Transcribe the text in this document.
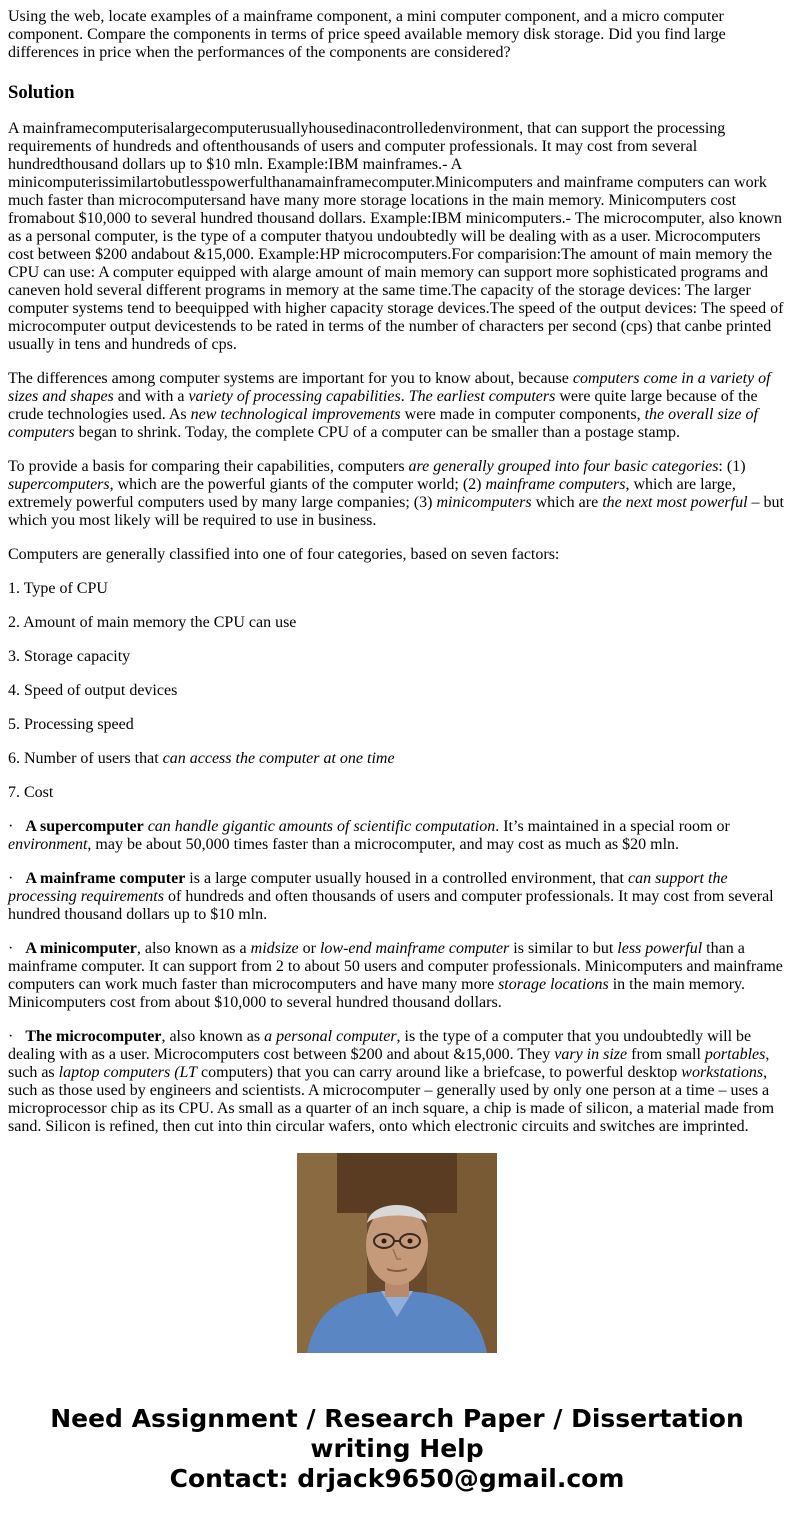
Using the web, locate examples of a mainframe component, a mini computer component, and a micro computer component. Compare the components in terms of price speed available memory disk storage. Did you find large differences in price when the performances of the components are considered?

Solution

A mainframecomputerisalargecomputerusuallyhousedinacontrolledenvironment, that can support the processing requirements of hundreds and oftenthousands of users and computer professionals. It may cost from several hundredthousand dollars up to $10 mln. Example:IBM mainframes.- A minicomputerissimilartobutlesspowerfulthanamainframecomputer.Minicomputers and mainframe computers can work much faster than microcomputersand have many more storage locations in the main memory. Minicomputers cost fromabout $10,000 to several hundred thousand dollars. Example:IBM minicomputers.- The microcomputer, also known as a personal computer, is the type of a computer thatyou undoubtedly will be dealing with as a user. Microcomputers cost between $200 andabout &15,000. Example:HP microcomputers.For comparision:The amount of main memory the CPU can use: A computer equipped with alarge amount of main memory can support more sophisticated programs and caneven hold several different programs in memory at the same time.The capacity of the storage devices: The larger computer systems tend to beequipped with higher capacity storage devices.The speed of the output devices: The speed of microcomputer output devicestends to be rated in terms of the number of characters per second (cps) that canbe printed usually in tens and hundreds of cps.

The differences among computer systems are important for you to know about, because computers come in a variety of sizes and shapes and with a variety of processing capabilities. The earliest computers were quite large because of the crude technologies used. As new technological improvements were made in computer components, the overall size of computers began to shrink. Today, the complete CPU of a computer can be smaller than a postage stamp.

To provide a basis for comparing their capabilities, computers are generally grouped into four basic categories: (1) supercomputers, which are the powerful giants of the computer world; (2) mainframe computers, which are large, extremely powerful computers used by many large companies; (3) minicomputers which are the next most powerful – but which you most likely will be required to use in business.

Computers are generally classified into one of four categories, based on seven factors:

1. Type of CPU

2. Amount of main memory the CPU can use

3. Storage capacity

4. Speed of output devices

5. Processing speed

6. Number of users that can access the computer at one time

7. Cost

· A supercomputer can handle gigantic amounts of scientific computation. It’s maintained in a special room or environment, may be about 50,000 times faster than a microcomputer, and may cost as much as $20 mln.

· A mainframe computer is a large computer usually housed in a controlled environment, that can support the processing requirements of hundreds and often thousands of users and computer professionals. It may cost from several hundred thousand dollars up to $10 mln.

· A minicomputer, also known as a midsize or low-end mainframe computer is similar to but less powerful than a mainframe computer. It can support from 2 to about 50 users and computer professionals. Minicomputers and mainframe computers can work much faster than microcomputers and have many more storage locations in the main memory. Minicomputers cost from about $10,000 to several hundred thousand dollars.

· The microcomputer, also known as a personal computer, is the type of a computer that you undoubtedly will be dealing with as a user. Microcomputers cost between $200 and about &15,000. They vary in size from small portables, such as laptop computers (LT computers) that you can carry around like a briefcase, to powerful desktop workstations, such as those used by engineers and scientists. A microcomputer – generally used by only one person at a time – uses a microprocessor chip as its CPU. As small as a quarter of an inch square, a chip is made of silicon, a material made from sand. Silicon is refined, then cut into thin circular wafers, onto which electronic circuits and switches are imprinted.

Need Assignment / Research Paper / Dissertation
writing Help
Contact: drjack9650@gmail.com
